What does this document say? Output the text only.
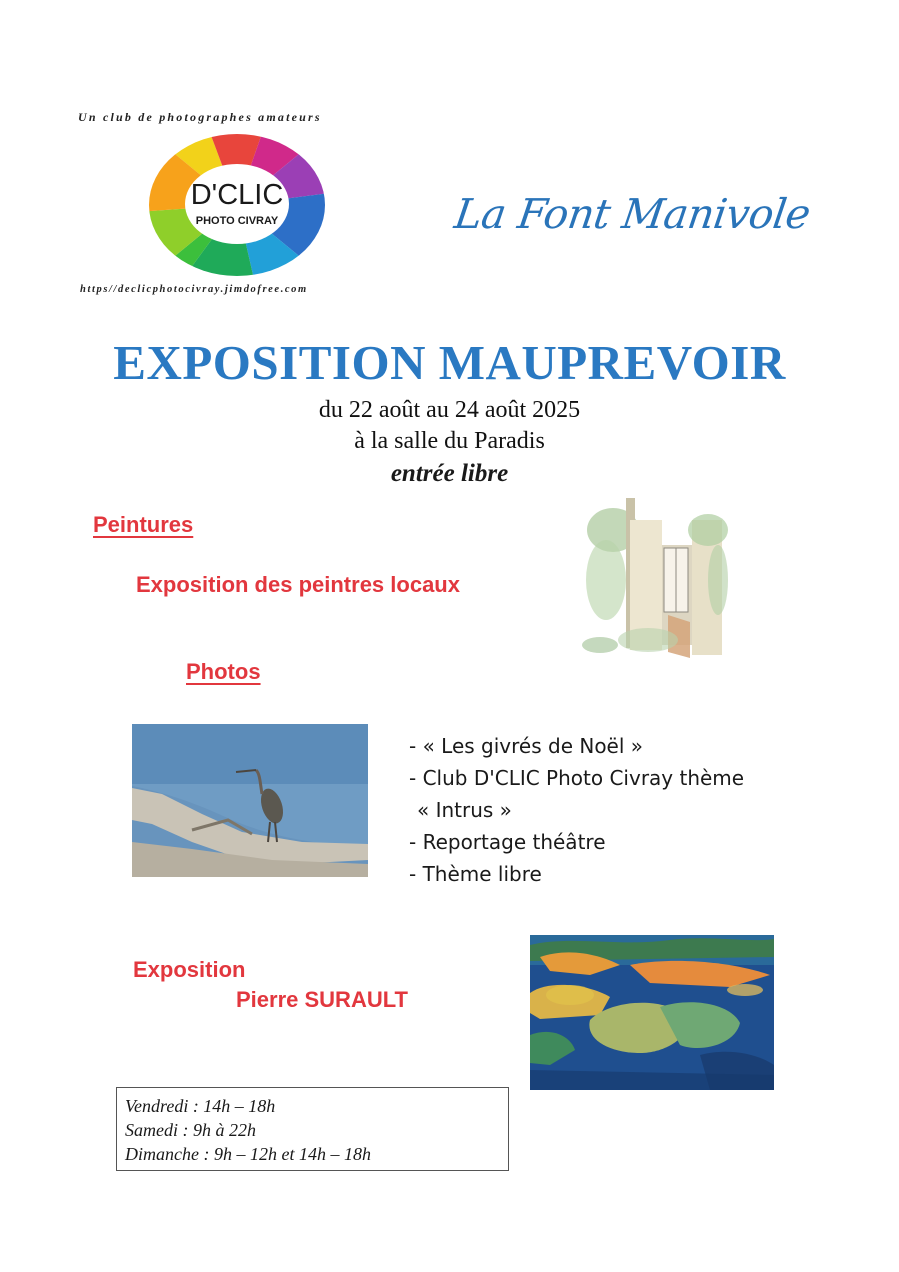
Un club de photographes amateurs
D'CLIC
PHOTO CIVRAY
https//declicphotocivray.jimdofree.com
La Font Manivole
EXPOSITION MAUPREVOIR
du 22 août au 24 août 2025
à la salle du Paradis
entrée libre
Peintures
Exposition des peintres locaux
Photos
- « Les givrés de Noël »
- Club D'CLIC Photo Civray thème
« Intrus »
- Reportage théâtre
- Thème libre
Exposition
Pierre SURAULT
Vendredi : 14h – 18h
Samedi : 9h à 22h
Dimanche : 9h – 12h et 14h – 18h
